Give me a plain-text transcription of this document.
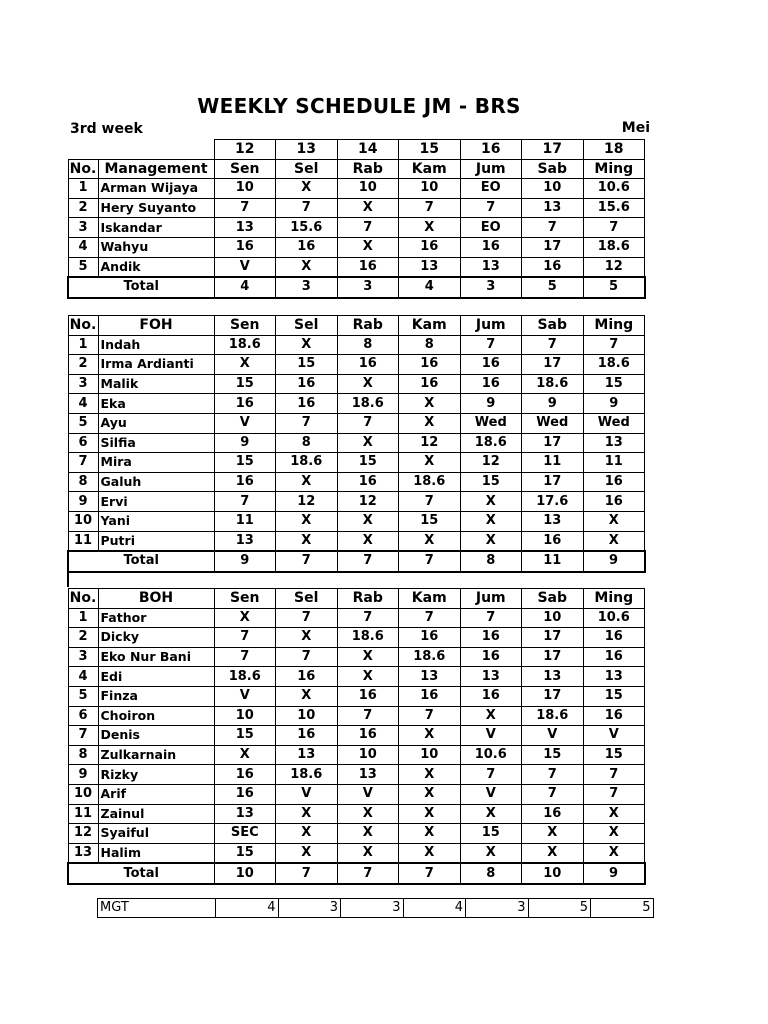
WEEKLY SCHEDULE JM - BRS
3rd week	Mei
		12	13	14	15	16	17	18
No.	Management	Sen	Sel	Rab	Kam	Jum	Sab	Ming
1	Arman Wijaya	10	X	10	10	EO	10	10.6
2	Hery Suyanto	7	7	X	7	7	13	15.6
3	Iskandar	13	15.6	7	X	EO	7	7
4	Wahyu	16	16	X	16	16	17	18.6
5	Andik	V	X	16	13	13	16	12
Total		4	3	3	4	3	5	5
No.	FOH	Sen	Sel	Rab	Kam	Jum	Sab	Ming
1	Indah	18.6	X	8	8	7	7	7
2	Irma Ardianti	X	15	16	16	16	17	18.6
3	Malik	15	16	X	16	16	18.6	15
4	Eka	16	16	18.6	X	9	9	9
5	Ayu	V	7	7	X	Wed	Wed	Wed
6	Silfia	9	8	X	12	18.6	17	13
7	Mira	15	18.6	15	X	12	11	11
8	Galuh	16	X	16	18.6	15	17	16
9	Ervi	7	12	12	7	X	17.6	16
10	Yani	11	X	X	15	X	13	X
11	Putri	13	X	X	X	X	16	X
Total		9	7	7	7	8	11	9
No.	BOH	Sen	Sel	Rab	Kam	Jum	Sab	Ming
1	Fathor	X	7	7	7	7	10	10.6
2	Dicky	7	X	18.6	16	16	17	16
3	Eko Nur Bani	7	7	X	18.6	16	17	16
4	Edi	18.6	16	X	13	13	13	13
5	Finza	V	X	16	16	16	17	15
6	Choiron	10	10	7	7	X	18.6	16
7	Denis	15	16	16	X	V	V	V
8	Zulkarnain	X	13	10	10	10.6	15	15
9	Rizky	16	18.6	13	X	7	7	7
10	Arif	16	V	V	X	V	7	7
11	Zainul	13	X	X	X	X	16	X
12	Syaiful	SEC	X	X	X	15	X	X
13	Halim	15	X	X	X	X	X	X
Total		10	7	7	7	8	10	9
MGT	4	3	3	4	3	5	5
